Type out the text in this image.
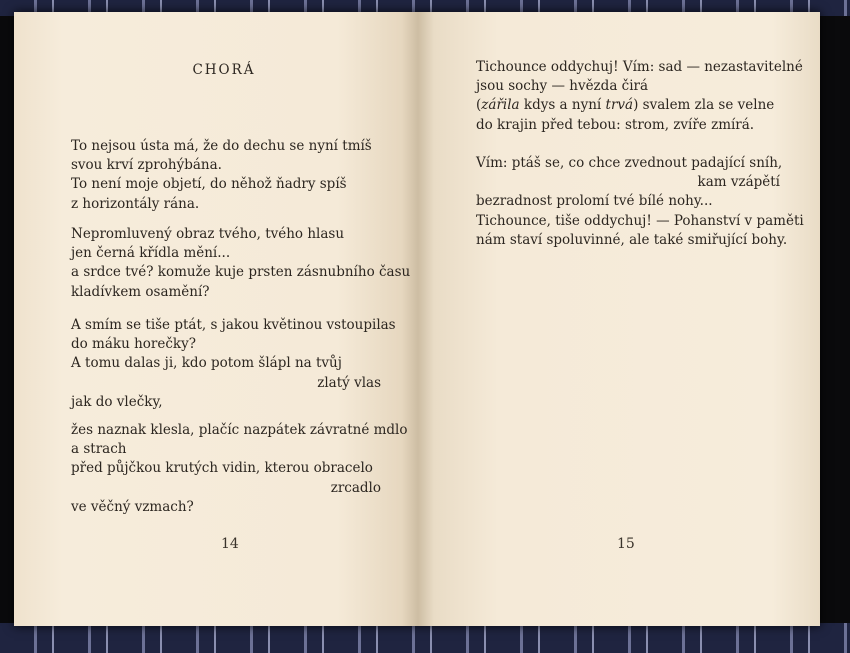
CHORÁ

To nejsou ústa má, že do dechu se nyní tmíš
svou krví zprohýbána.
To není moje objetí, do něhož ňadry spíš
z horizontály rána.

Nepromluvený obraz tvého, tvého hlasu
jen černá křídla mění...
a srdce tvé? komuže kuje prsten zásnubního času
kladívkem osamění?

A smím se tiše ptát, s jakou květinou vstoupilas
do máku horečky?
A tomu dalas ji, kdo potom šlápl na tvůj
zlatý vlas
jak do vlečky,

žes naznak klesla, plačíc nazpátek závratné mdlo
a strach
před půjčkou krutých vidin, kterou obracelo
zrcadlo
ve věčný vzmach?

14

Tichounce oddychuj! Vím: sad — nezastavitelné
jsou sochy — hvězda čirá
(zářila kdys a nyní trvá) svalem zla se velne
do krajin před tebou: strom, zvíře zmírá.

Vím: ptáš se, co chce zvednout padající sníh,
kam vzápětí
bezradnost prolomí tvé bílé nohy...
Tichounce, tiše oddychuj! — Pohanství v paměti
nám staví spoluvinné, ale také smiřující bohy.

15
